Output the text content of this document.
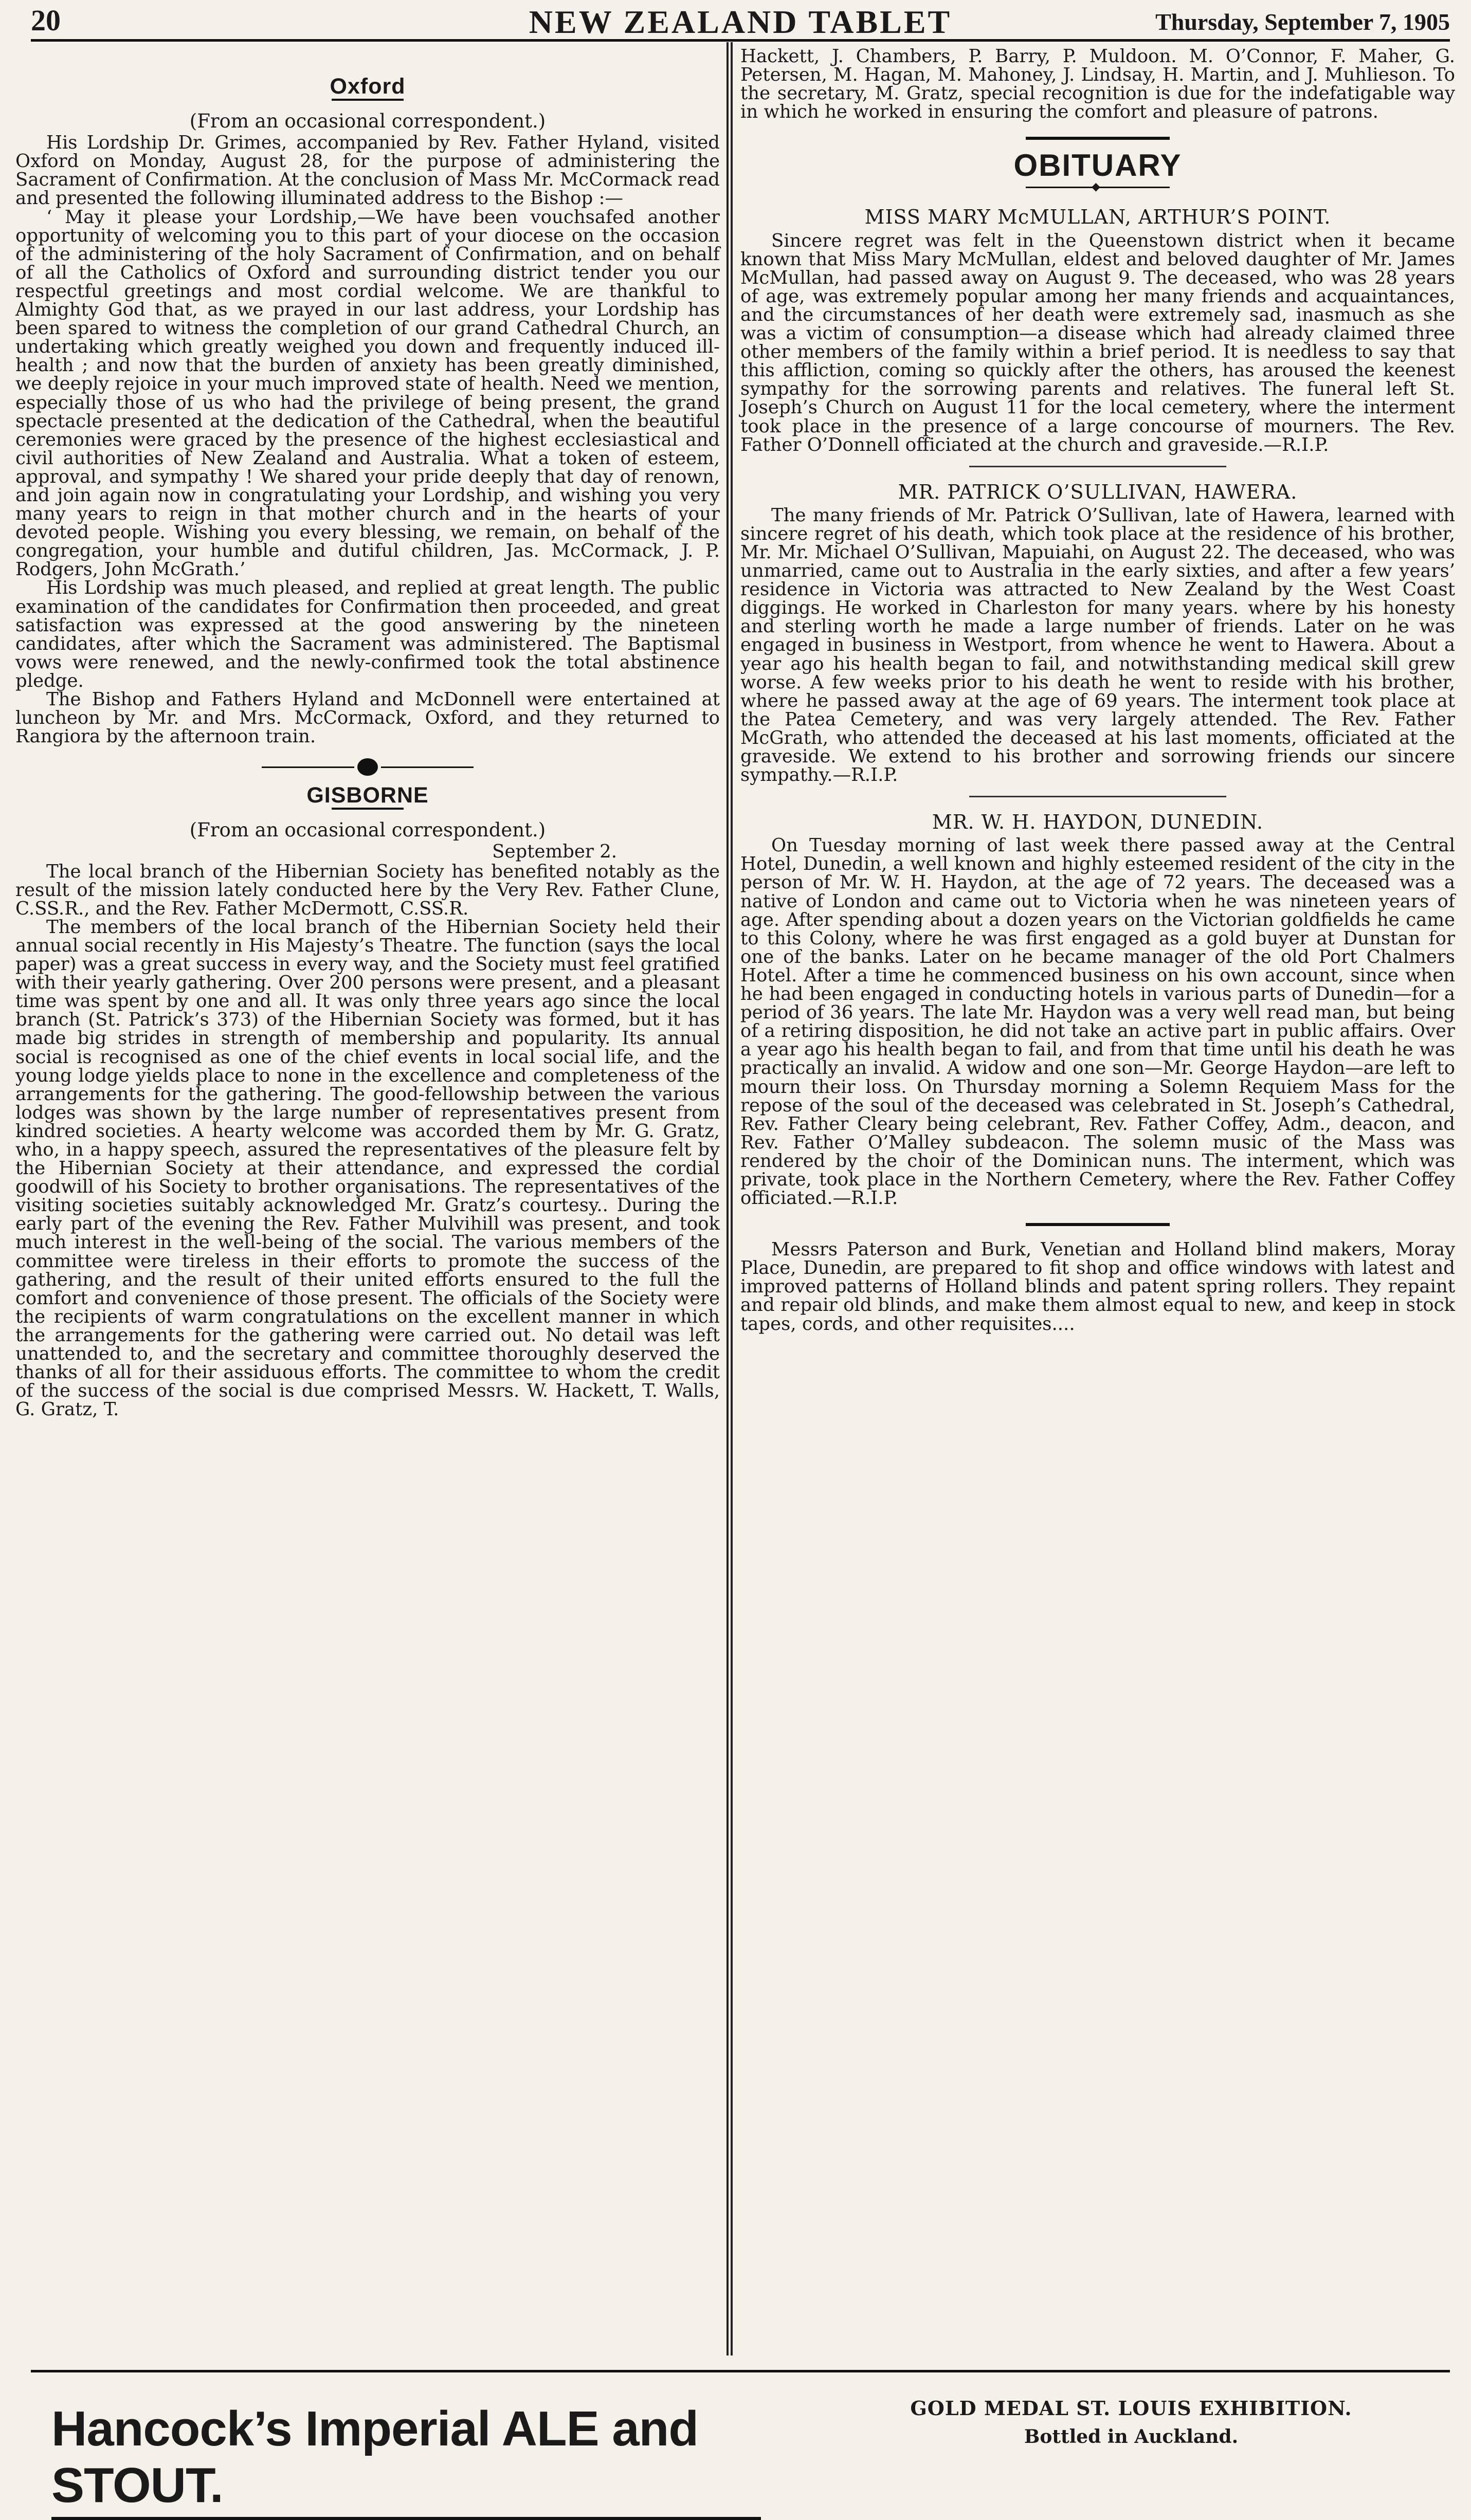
20	NEW ZEALAND TABLET	Thursday, September 7, 1905
Oxford
(From an occasional correspondent.)

His Lordship Dr. Grimes, accompanied by Rev. Father Hyland, visited Oxford on Monday, August 28, for the purpose of administering the Sacrament of Confirmation. At the conclusion of Mass Mr. McCormack read and presented the following illuminated address to the Bishop :—

‘ May it please your Lordship,—We have been vouchsafed another opportunity of welcoming you to this part of your diocese on the occasion of the administering of the holy Sacrament of Confirmation, and on behalf of all the Catholics of Oxford and surrounding district tender you our respectful greetings and most cordial welcome. We are thankful to Almighty God that, as we prayed in our last address, your Lordship has been spared to witness the completion of our grand Cathedral Church, an undertaking which greatly weighed you down and frequently induced ill-health ; and now that the burden of anxiety has been greatly diminished, we deeply rejoice in your much improved state of health. Need we mention, especially those of us who had the privilege of being present, the grand spectacle presented at the dedication of the Cathedral, when the beautiful ceremonies were graced by the presence of the highest ecclesiastical and civil authorities of New Zealand and Australia. What a token of esteem, approval, and sympathy ! We shared your pride deeply that day of renown, and join again now in congratulating your Lordship, and wishing you very many years to reign in that mother church and in the hearts of your devoted people. Wishing you every blessing, we remain, on behalf of the congregation, your humble and dutiful children, Jas. McCormack, J. P. Rodgers, John McGrath.’

His Lordship was much pleased, and replied at great length. The public examination of the candidates for Confirmation then proceeded, and great satisfaction was expressed at the good answering by the nineteen candidates, after which the Sacrament was administered. The Baptismal vows were renewed, and the newly-confirmed took the total abstinence pledge.

The Bishop and Fathers Hyland and McDonnell were entertained at luncheon by Mr. and Mrs. McCormack, Oxford, and they returned to Rangiora by the afternoon train.

GISBORNE
(From an occasional correspondent.)
September 2.

The local branch of the Hibernian Society has benefited notably as the result of the mission lately conducted here by the Very Rev. Father Clune, C.SS.R., and the Rev. Father McDermott, C.SS.R.

The members of the local branch of the Hibernian Society held their annual social recently in His Majesty’s Theatre. The function (says the local paper) was a great success in every way, and the Society must feel gratified with their yearly gathering. Over 200 persons were present, and a pleasant time was spent by one and all. It was only three years ago since the local branch (St. Patrick’s 373) of the Hibernian Society was formed, but it has made big strides in strength of membership and popularity. Its annual social is recognised as one of the chief events in local social life, and the young lodge yields place to none in the excellence and completeness of the arrangements for the gathering. The good-fellowship between the various lodges was shown by the large number of representatives present from kindred societies. A hearty welcome was accorded them by Mr. G. Gratz, who, in a happy speech, assured the representatives of the pleasure felt by the Hibernian Society at their attendance, and expressed the cordial goodwill of his Society to brother organisations. The representatives of the visiting societies suitably acknowledged Mr. Gratz’s courtesy.. During the early part of the evening the Rev. Father Mulvihill was present, and took much interest in the well-being of the social. The various members of the committee were tireless in their efforts to promote the success of the gathering, and the result of their united efforts ensured to the full the comfort and convenience of those present. The officials of the Society were the recipients of warm congratulations on the excellent manner in which the arrangements for the gathering were carried out. No detail was left unattended to, and the secretary and committee thoroughly deserved the thanks of all for their assiduous efforts. The committee to whom the credit of the success of the social is due comprised Messrs. W. Hackett, T. Walls, G. Gratz, T.

Hackett, J. Chambers, P. Barry, P. Muldoon. M. O’Connor, F. Maher, G. Petersen, M. Hagan, M. Mahoney, J. Lindsay, H. Martin, and J. Muhlieson. To the secretary, M. Gratz, special recognition is due for the indefatigable way in which he worked in ensuring the comfort and pleasure of patrons.

OBITUARY
◆
MISS MARY McMULLAN, ARTHUR’S POINT.

Sincere regret was felt in the Queenstown district when it became known that Miss Mary McMullan, eldest and beloved daughter of Mr. James McMullan, had passed away on August 9. The deceased, who was 28 years of age, was extremely popular among her many friends and acquaintances, and the circumstances of her death were extremely sad, inasmuch as she was a victim of consumption—a disease which had already claimed three other members of the family within a brief period. It is needless to say that this affliction, coming so quickly after the others, has aroused the keenest sympathy for the sorrowing parents and relatives. The funeral left St. Joseph’s Church on August 11 for the local cemetery, where the interment took place in the presence of a large concourse of mourners. The Rev. Father O’Donnell officiated at the church and graveside.—R.I.P.

MR. PATRICK O’SULLIVAN, HAWERA.

The many friends of Mr. Patrick O’Sullivan, late of Hawera, learned with sincere regret of his death, which took place at the residence of his brother, Mr. Mr. Michael O’Sullivan, Mapuiahi, on August 22. The deceased, who was unmarried, came out to Australia in the early sixties, and after a few years’ residence in Victoria was attracted to New Zealand by the West Coast diggings. He worked in Charleston for many years. where by his honesty and sterling worth he made a large number of friends. Later on he was engaged in business in Westport, from whence he went to Hawera. About a year ago his health began to fail, and notwithstanding medical skill grew worse. A few weeks prior to his death he went to reside with his brother, where he passed away at the age of 69 years. The interment took place at the Patea Cemetery, and was very largely attended. The Rev. Father McGrath, who attended the deceased at his last moments, officiated at the graveside. We extend to his brother and sorrowing friends our sincere sympathy.—R.I.P.

MR. W. H. HAYDON, DUNEDIN.

On Tuesday morning of last week there passed away at the Central Hotel, Dunedin, a well known and highly esteemed resident of the city in the person of Mr. W. H. Haydon, at the age of 72 years. The deceased was a native of London and came out to Victoria when he was nineteen years of age. After spending about a dozen years on the Victorian goldfields he came to this Colony, where he was first engaged as a gold buyer at Dunstan for one of the banks. Later on he became manager of the old Port Chalmers Hotel. After a time he commenced business on his own account, since when he had been engaged in conducting hotels in various parts of Dunedin—for a period of 36 years. The late Mr. Haydon was a very well read man, but being of a retiring disposition, he did not take an active part in public affairs. Over a year ago his health began to fail, and from that time until his death he was practically an invalid. A widow and one son—Mr. George Haydon—are left to mourn their loss. On Thursday morning a Solemn Requiem Mass for the repose of the soul of the deceased was celebrated in St. Joseph’s Cathedral, Rev. Father Cleary being celebrant, Rev. Father Coffey, Adm., deacon, and Rev. Father O’Malley subdeacon. The solemn music of the Mass was rendered by the choir of the Dominican nuns. The interment, which was private, took place in the Northern Cemetery, where the Rev. Father Coffey officiated.—R.I.P.

Messrs Paterson and Burk, Venetian and Holland blind makers, Moray Place, Dunedin, are prepared to fit shop and office windows with latest and improved patterns of Holland blinds and patent spring rollers. They repaint and repair old blinds, and make them almost equal to new, and keep in stock tapes, cords, and other requisites....

Hancock’s Imperial ALE and STOUT.
GOLD MEDAL ST. LOUIS EXHIBITION.
Bottled in Auckland.
